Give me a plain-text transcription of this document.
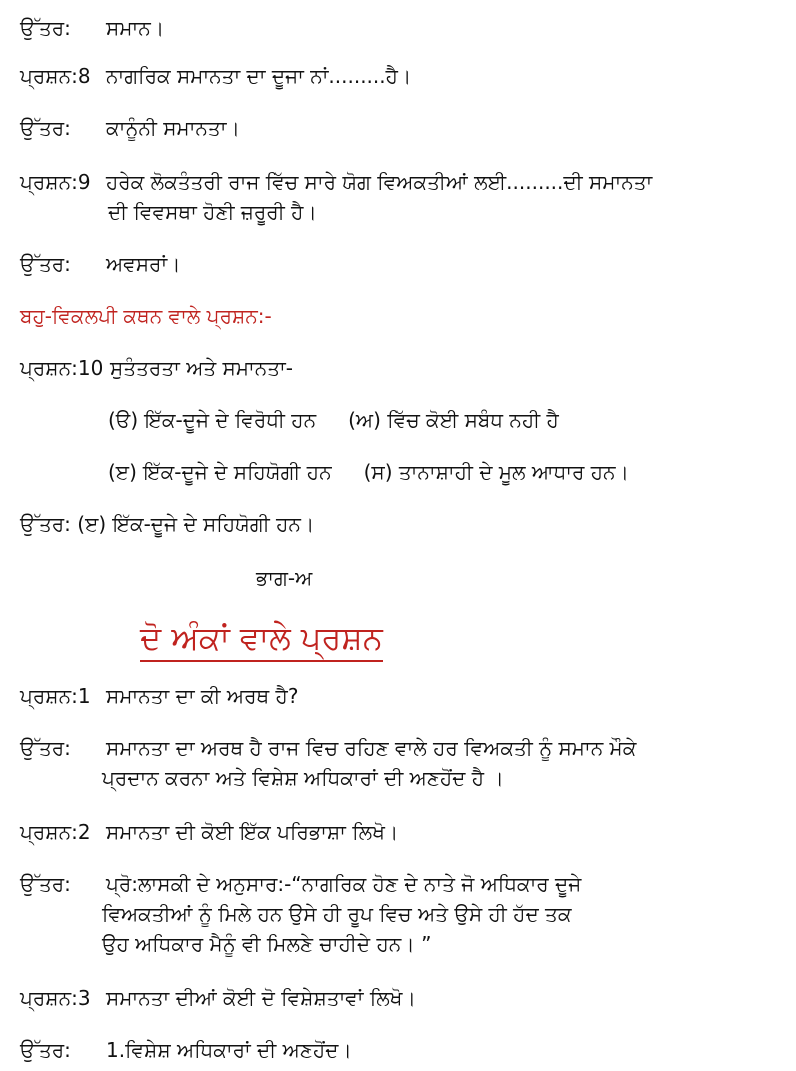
ਉੱਤਰ: ਸਮਾਨ।
ਪ੍ਰਸ਼ਨ:8 ਨਾਗਰਿਕ ਸਮਾਨਤਾ ਦਾ ਦੂਜਾ ਨਾਂ.........ਹੈ।
ਉੱਤਰ: ਕਾਨੂੰਨੀ ਸਮਾਨਤਾ।
ਪ੍ਰਸ਼ਨ:9 ਹਰੇਕ ਲੋਕਤੰਤਰੀ ਰਾਜ ਵਿੱਚ ਸਾਰੇ ਯੋਗ ਵਿਅਕਤੀਆਂ ਲਈ.........ਦੀ ਸਮਾਨਤਾ
ਦੀ ਵਿਵਸਥਾ ਹੋਣੀ ਜ਼ਰੂਰੀ ਹੈ।
ਉੱਤਰ: ਅਵਸਰਾਂ।
ਬਹੁ-ਵਿਕਲਪੀ ਕਥਨ ਵਾਲੇ ਪ੍ਰਸ਼ਨ:-
ਪ੍ਰਸ਼ਨ:10 ਸੁਤੰਤਰਤਾ ਅਤੇ ਸਮਾਨਤਾ-
(ੳ) ਇੱਕ-ਦੂਜੇ ਦੇ ਵਿਰੋਧੀ ਹਨ (ਅ) ਵਿੱਚ ਕੋਈ ਸਬੰਧ ਨਹੀ ਹੈ
(ੲ) ਇੱਕ-ਦੂਜੇ ਦੇ ਸਹਿਯੋਗੀ ਹਨ (ਸ) ਤਾਨਾਸ਼ਾਹੀ ਦੇ ਮੂਲ ਆਧਾਰ ਹਨ।
ਉੱਤਰ: (ੲ) ਇੱਕ-ਦੂਜੇ ਦੇ ਸਹਿਯੋਗੀ ਹਨ।
ਭਾਗ-ਅ
ਦੋ ਅੰਕਾਂ ਵਾਲੇ ਪ੍ਰਸ਼ਨ
ਪ੍ਰਸ਼ਨ:1 ਸਮਾਨਤਾ ਦਾ ਕੀ ਅਰਥ ਹੈ?
ਉੱਤਰ: ਸਮਾਨਤਾ ਦਾ ਅਰਥ ਹੈ ਰਾਜ ਵਿਚ ਰਹਿਣ ਵਾਲੇ ਹਰ ਵਿਅਕਤੀ ਨੂੰ ਸਮਾਨ ਮੌਕੇ
ਪ੍ਰਦਾਨ ਕਰਨਾ ਅਤੇ ਵਿਸ਼ੇਸ਼ ਅਧਿਕਾਰਾਂ ਦੀ ਅਣਹੋਂਦ ਹੈ ।
ਪ੍ਰਸ਼ਨ:2 ਸਮਾਨਤਾ ਦੀ ਕੋਈ ਇੱਕ ਪਰਿਭਾਸ਼ਾ ਲਿਖੋ।
ਉੱਤਰ: ਪ੍ਰੋ:ਲਾਸਕੀ ਦੇ ਅਨੁਸਾਰ:-“ਨਾਗਰਿਕ ਹੋਣ ਦੇ ਨਾਤੇ ਜੋ ਅਧਿਕਾਰ ਦੂਜੇ
ਵਿਅਕਤੀਆਂ ਨੂੰ ਮਿਲੇ ਹਨ ਉਸੇ ਹੀ ਰੂਪ ਵਿਚ ਅਤੇ ਉਸੇ ਹੀ ਹੱਦ ਤਕ
ਉਹ ਅਧਿਕਾਰ ਮੈਨੂੰ ਵੀ ਮਿਲਣੇ ਚਾਹੀਦੇ ਹਨ। ”
ਪ੍ਰਸ਼ਨ:3 ਸਮਾਨਤਾ ਦੀਆਂ ਕੋਈ ਦੋ ਵਿਸ਼ੇਸ਼ਤਾਵਾਂ ਲਿਖੋ।
ਉੱਤਰ: 1.ਵਿਸ਼ੇਸ਼ ਅਧਿਕਾਰਾਂ ਦੀ ਅਣਹੋਂਦ।
